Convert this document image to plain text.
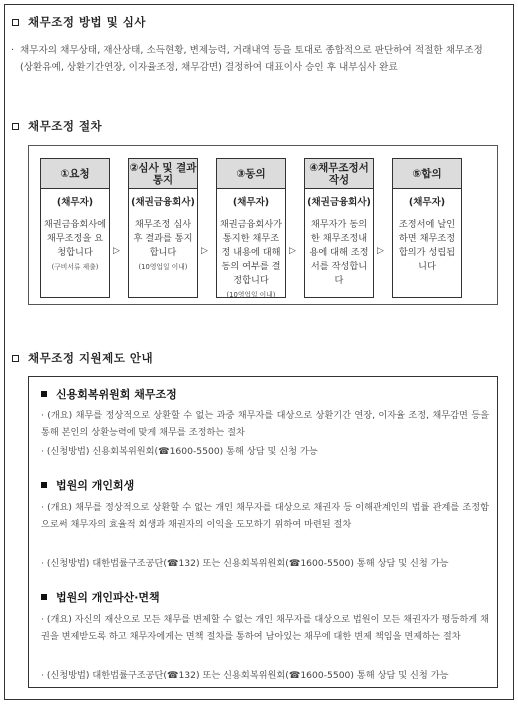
채무조정 방법 및 심사
· 채무자의 채무상태, 재산상태, 소득현황, 변제능력, 거래내역 등을 토대로 종합적으로 판단하여 적절한 채무조정 (상환유예, 상환기간연장, 이자율조정, 채무감면) 결정하여 대표이사 승인 후 내부심사 완료
채무조정 절차
①요청
(채무자)
채권금융회사에 채무조정을 요청합니다
(구비서류 제출)
▷
②심사 및 결과통지
(채권금융회사)
채무조정 심사 후 결과를 통지합니다
(10영업일 이내)
▷
③동의
(채무자)
채권금융회사가 통지한 채무조정 내용에 대해 동의 여부를 결정합니다
(10영업일 이내)
▷
④채무조정서 작성
(채권금융회사)
채무자가 동의한 채무조정내용에 대해 조정서를 작성합니다
▷
⑤합의
(채무자)
조정서에 날인하면 채무조정 합의가 성립됩니다
채무조정 지원제도 안내
신용회복위원회 채무조정
· (개요) 채무를 정상적으로 상환할 수 없는 과중 채무자를 대상으로 상환기간 연장, 이자율 조정, 채무감면 등을 통해 본인의 상환능력에 맞게 채무를 조정하는 절차
· (신청방법) 신용회복위원회(☎1600-5500) 통해 상담 및 신청 가능
법원의 개인회생
· (개요) 채무를 정상적으로 상환할 수 없는 개인 채무자를 대상으로 채권자 등 이해관계인의 법률 관계를 조정함으로써 채무자의 효율적 회생과 채권자의 이익을 도모하기 위하여 마련된 절차
· (신청방법) 대한법률구조공단(☎132) 또는 신용회복위원회(☎1600-5500) 통해 상담 및 신청 가능
법원의 개인파산·면책
· (개요) 자신의 재산으로 모든 채무를 변제할 수 없는 개인 채무자를 대상으로 법원이 모든 채권자가 평등하게 채권을 변제받도록 하고 채무자에게는 면책 절차를 통하여 남아있는 채무에 대한 변제 책임을 면제하는 절차
· (신청방법) 대한법률구조공단(☎132) 또는 신용회복위원회(☎1600-5500) 통해 상담 및 신청 가능
